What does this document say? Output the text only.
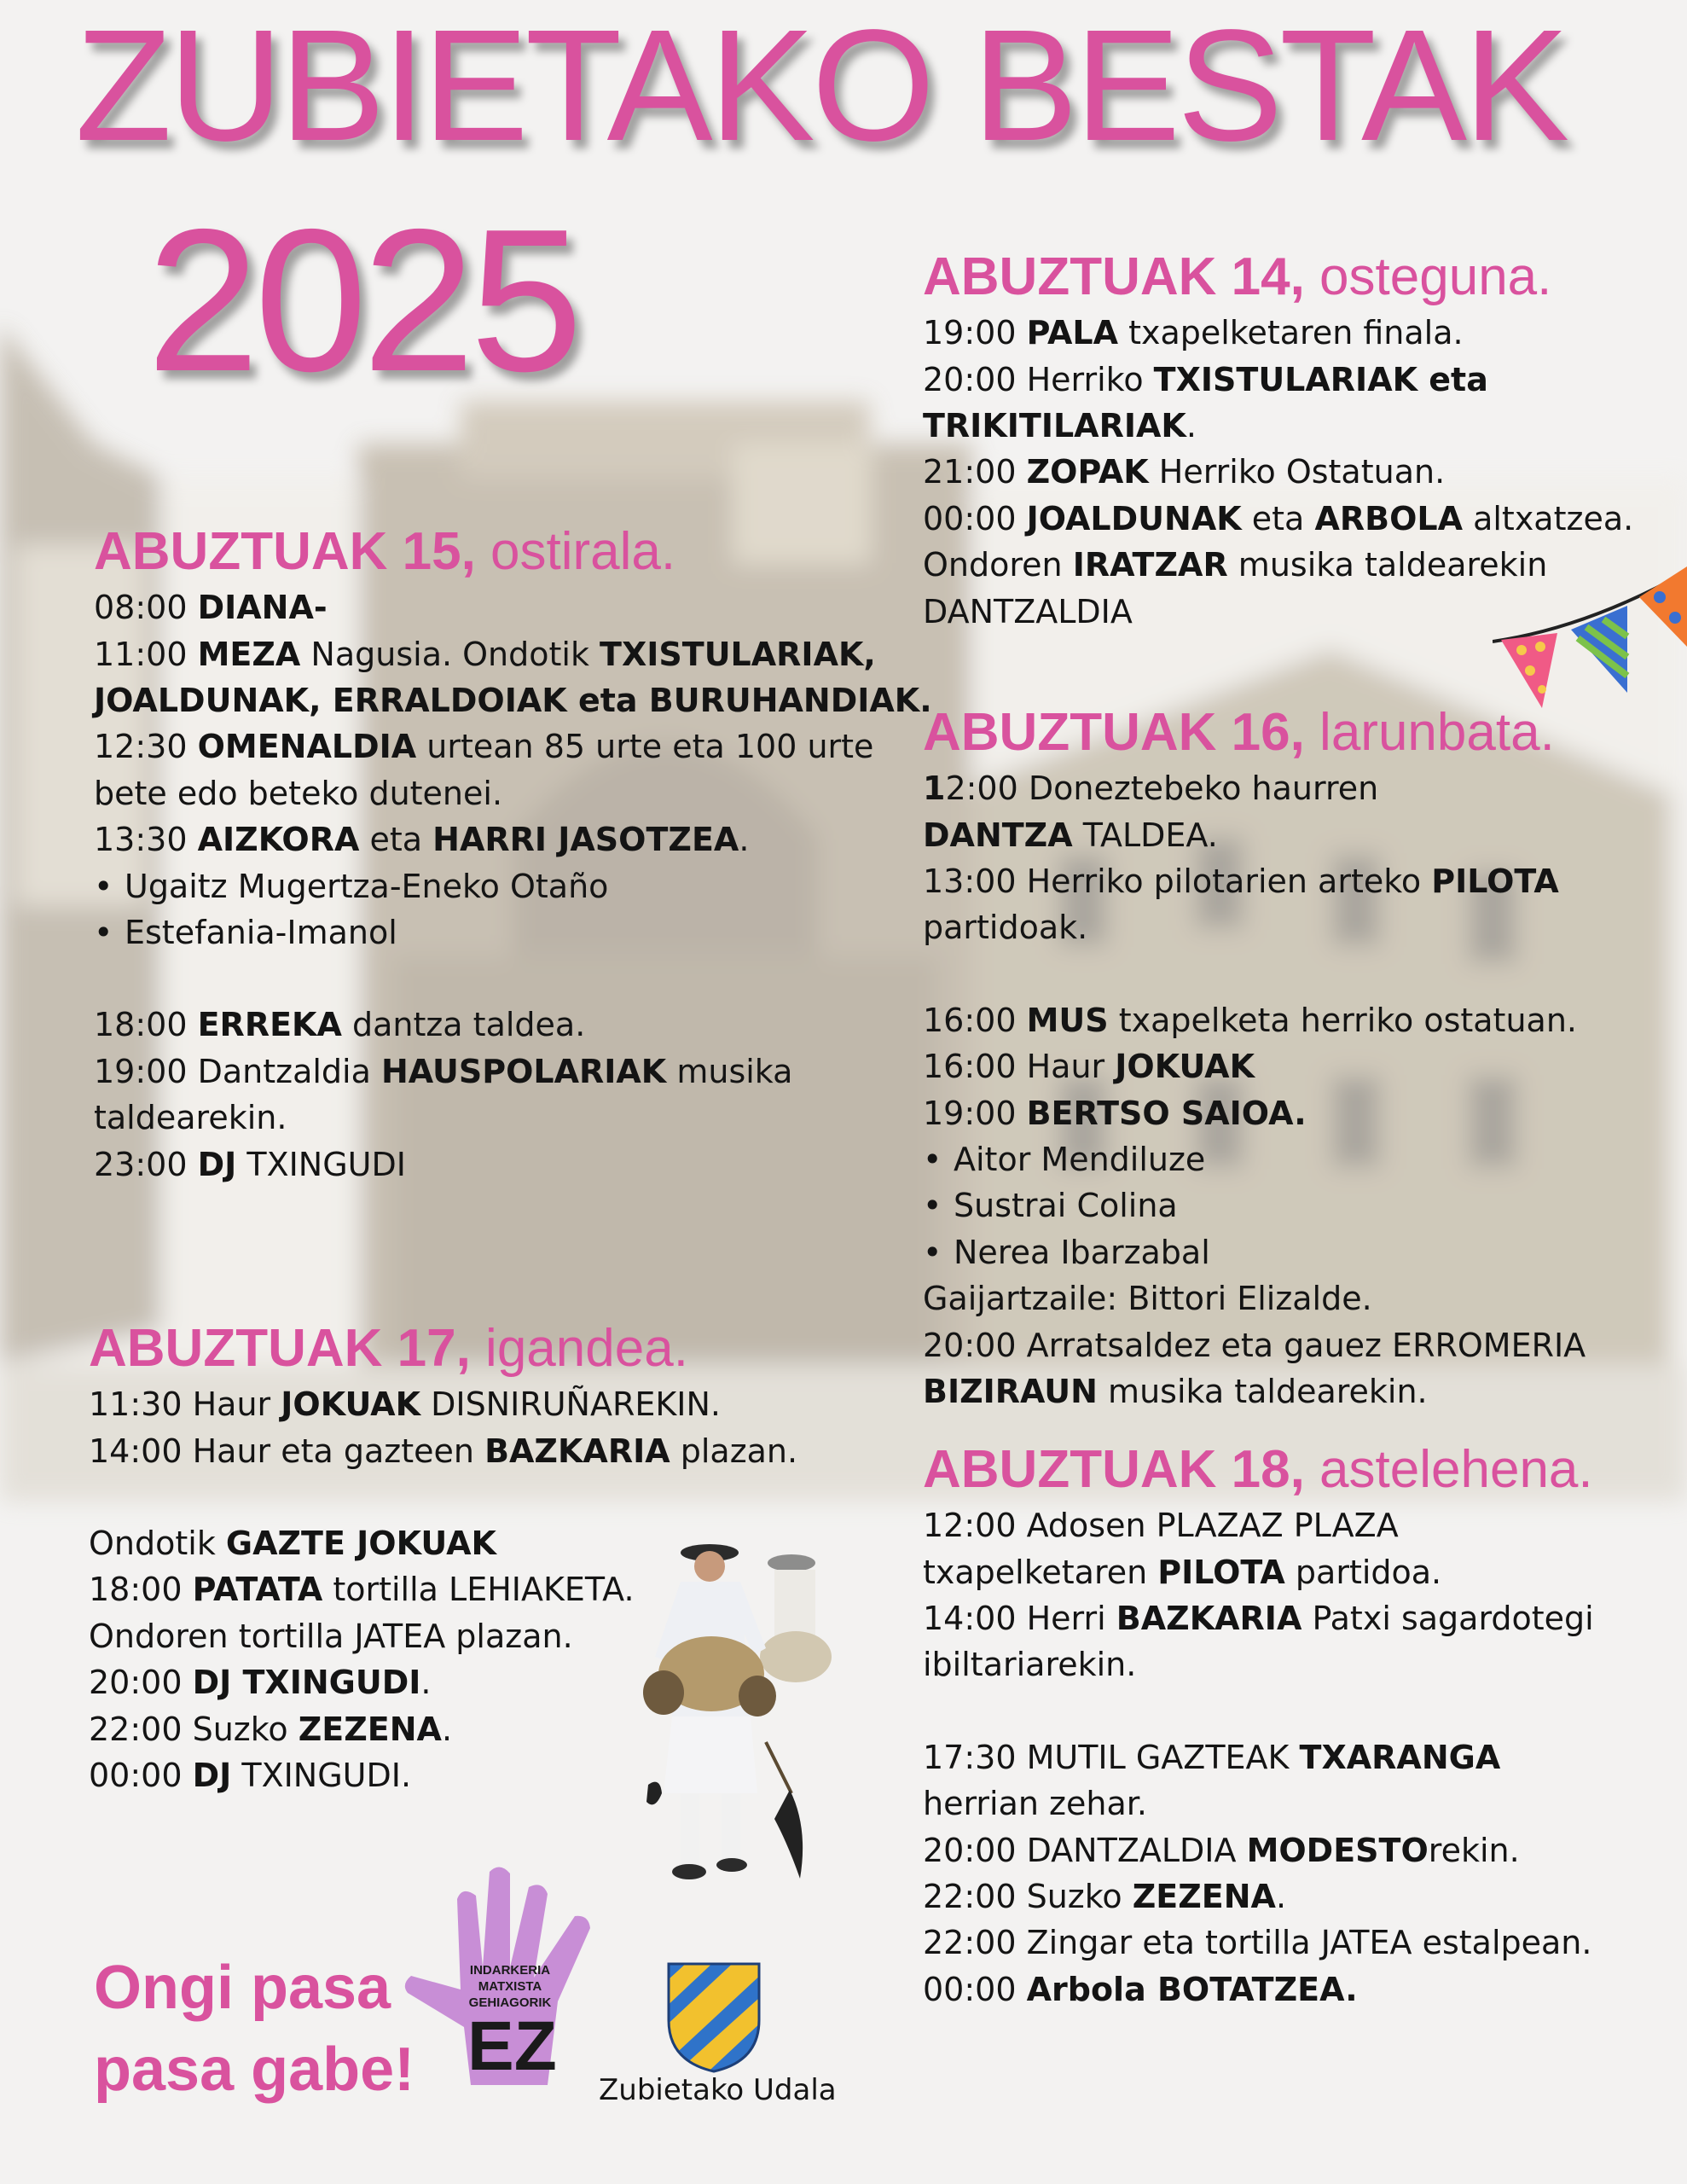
ZUBIETAKO BESTAK
2025	ABUZTUAK 14, osteguna.
19:00 PALA txapelketaren finala.
20:00 Herriko TXISTULARIAK eta
TRIKITILARIAK.
21:00 ZOPAK Herriko Ostatuan.
00:00 JOALDUNAK eta ARBOLA altxatzea.
Ondoren IRATZAR musika taldearekin
DANTZALDIA
ABUZTUAK 15, ostirala.
08:00 DIANA-
11:00 MEZA Nagusia. Ondotik TXISTULARIAK,
JOALDUNAK, ERRALDOIAK eta BURUHANDIAK.
12:30 OMENALDIA urtean 85 urte eta 100 urte
bete edo beteko dutenei.
13:30 AIZKORA eta HARRI JASOTZEA.
• Ugaitz Mugertza-Eneko Otaño
• Estefania-Imanol
18:00 ERREKA dantza taldea.
19:00 Dantzaldia HAUSPOLARIAK musika
taldearekin.
23:00 DJ TXINGUDI
ABUZTUAK 16, larunbata.
12:00 Doneztebeko haurren
DANTZA TALDEA.
13:00 Herriko pilotarien arteko PILOTA
partidoak.
16:00 MUS txapelketa herriko ostatuan.
16:00 Haur JOKUAK
19:00 BERTSO SAIOA.
• Aitor Mendiluze
• Sustrai Colina
• Nerea Ibarzabal
Gaijartzaile: Bittori Elizalde.
20:00 Arratsaldez eta gauez ERROMERIA
BIZIRAUN musika taldearekin.
ABUZTUAK 17, igandea.
11:30 Haur JOKUAK DISNIRUÑAREKIN.
14:00 Haur eta gazteen BAZKARIA plazan.
Ondotik GAZTE JOKUAK
18:00 PATATA tortilla LEHIAKETA.
Ondoren tortilla JATEA plazan.
20:00 DJ TXINGUDI.
22:00 Suzko ZEZENA.
00:00 DJ TXINGUDI.
ABUZTUAK 18, astelehena.
12:00 Adosen PLAZAZ PLAZA
txapelketaren PILOTA partidoa.
14:00 Herri BAZKARIA Patxi sagardotegi
ibiltariarekin.
17:30 MUTIL GAZTEAK TXARANGA
herrian zehar.
20:00 DANTZALDIA MODESTOrekin.
22:00 Suzko ZEZENA.
22:00 Zingar eta tortilla JATEA estalpean.
00:00 Arbola BOTATZEA.
Ongi pasa
pasa gabe!
INDARKERIA
MATXISTA
GEHIAGORIK
EZ
Zubietako Udala
